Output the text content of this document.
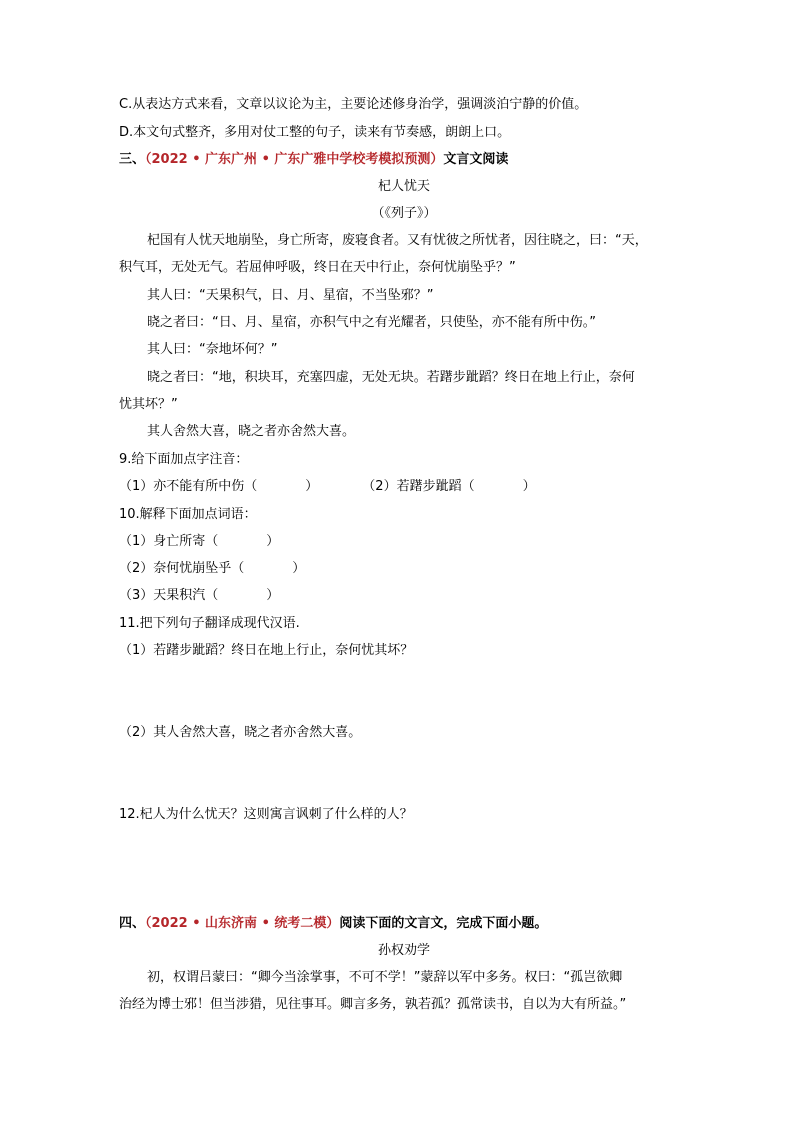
C.从表达方式来看，文章以议论为主，主要论述修身治学，强调淡泊宁静的价值。
D.本文句式整齐，多用对仗工整的句子，读来有节奏感，朗朗上口。
三、（2022 • 广东广州 • 广东广雅中学校考模拟预测）文言文阅读
杞人忧天
（《列子》）
杞国有人忧天地崩坠，身亡所寄，废寝食者。又有忧彼之所忧者，因往晓之，曰：“天，
积气耳，无处无气。若屈伸呼吸，终日在天中行止，奈何忧崩坠乎？”
其人曰：“天果积气，日、月、星宿，不当坠邪？”
晓之者曰：“日、月、星宿，亦积气中之有光耀者，只使坠，亦不能有所中伤。”
其人曰：“奈地坏何？”
晓之者曰：“地，积块耳，充塞四虚，无处无块。若躇步跐蹈？终日在地上行止，奈何
忧其坏？”
其人舍然大喜，晓之者亦舍然大喜。
9.给下面加点字注音：
（1）亦不能有所中伤（	）	（2）若躇步跐蹈（	）
10.解释下面加点词语：
（1）身亡所寄（	）
（2）奈何忧崩坠乎（	）
（3）天果积汽（	）
11.把下列句子翻译成现代汉语.
（1）若躇步跐蹈？终日在地上行止，奈何忧其坏？
（2）其人舍然大喜，晓之者亦舍然大喜。
12.杞人为什么忧天？这则寓言讽刺了什么样的人？
四、（2022 • 山东济南 • 统考二模）阅读下面的文言文，完成下面小题。
孙权劝学
初，权谓吕蒙曰：“卿今当涂掌事，不可不学！”蒙辞以军中多务。权曰：“孤岂欲卿
治经为博士邪！但当涉猎，见往事耳。卿言多务，孰若孤？孤常读书，自以为大有所益。”
